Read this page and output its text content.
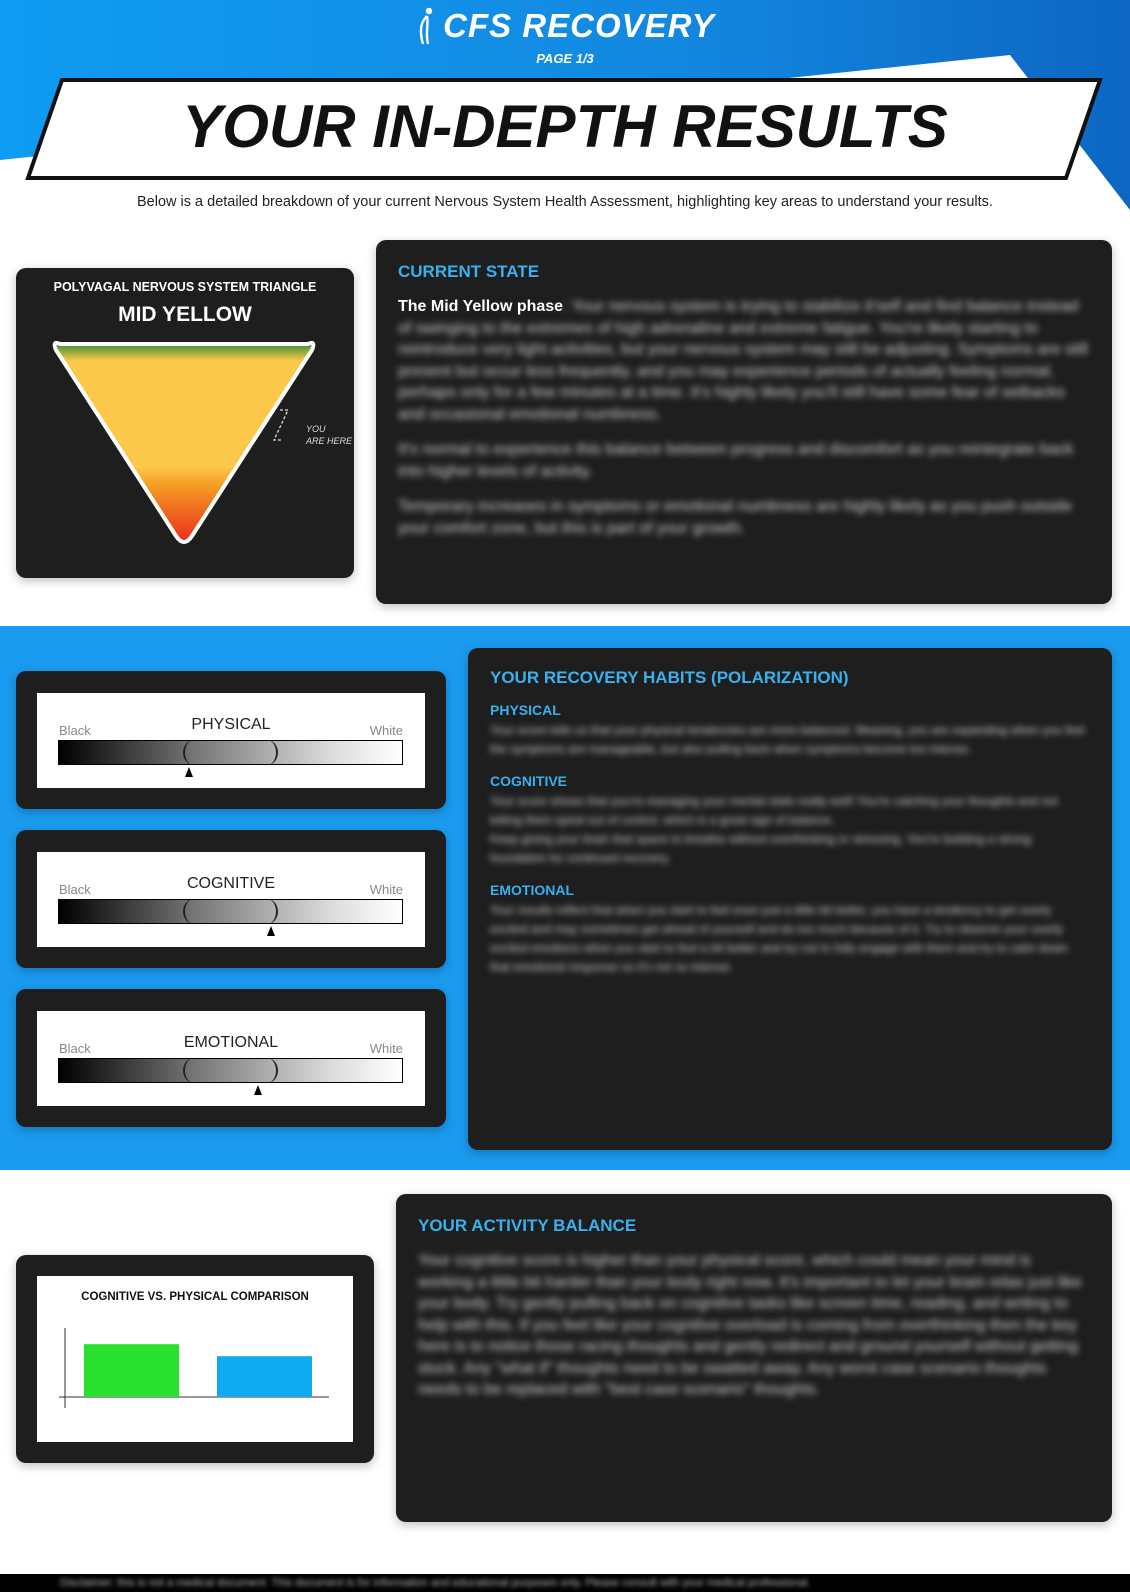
CFS RECOVERY
PAGE 1/3
YOUR IN-DEPTH RESULTS
Below is a detailed breakdown of your current Nervous System Health Assessment, highlighting key areas to understand your results.
POLYVAGAL NERVOUS SYSTEM TRIANGLE
MID YELLOW
YOU
ARE HERE
CURRENT STATE

The Mid Yellow phase: Your nervous system is trying to stabilize it'self and find balance instead of swinging to the extremes of high adrenaline and extreme fatigue. You're likely starting to reintroduce very light activities, but your nervous system may still be adjusting. Symptoms are still present but occur less frequently, and you may experience periods of actually feeling normal, perhaps only for a few minutes at a time. It's highly likely you'll still have some fear of setbacks and occasional emotional numbness.

It's normal to experience this balance between progress and discomfort as you reintegrate back into higher levels of activity.

Temporary increases in symptoms or emotional numbness are highly likely as you push outside your comfort zone, but this is part of your growth.

Black	PHYSICAL	White
Black	COGNITIVE	White
Black	EMOTIONAL	White
YOUR RECOVERY HABITS (POLARIZATION)
PHYSICAL

Your score tells us that your physical tendencies are more balanced. Meaning, you are expanding when you feel the symptoms are manageable, but also pulling back when symptoms become too intense.

COGNITIVE

Your score shows that you're managing your mental state really well! You're catching your thoughts and not letting them spiral out of control, which is a great sign of balance.

Keep giving your brain that space to breathe without overthinking or stressing. You're building a strong foundation for continued recovery.

EMOTIONAL

Your results reflect that when you start to feel even just a little bit better, you have a tendency to get overly excited and may sometimes get ahead of yourself and do too much because of it. Try to observe your overly excited emotions when you start to feel a bit better and try not to fully engage with them and try to calm down that emotional response so it's not so intense.

COGNITIVE VS. PHYSICAL COMPARISON
YOUR ACTIVITY BALANCE

Your cognitive score is higher than your physical score, which could mean your mind is working a little bit harder than your body right now. It's important to let your brain relax just like your body. Try gently pulling back on cognitive tasks like screen time, reading, and writing to help with this. If you feel like your cognitive overload is coming from overthinking then the key here is to notice those racing thoughts and gently redirect and ground yourself without getting stuck. Any "what if" thoughts need to be swatted away. Any worst case scenario thoughts needs to be replaced with "best case scenario" thoughts.

Disclaimer: this is not a medical document. This document is for information and educational purposes only. Please consult with your medical professional.
